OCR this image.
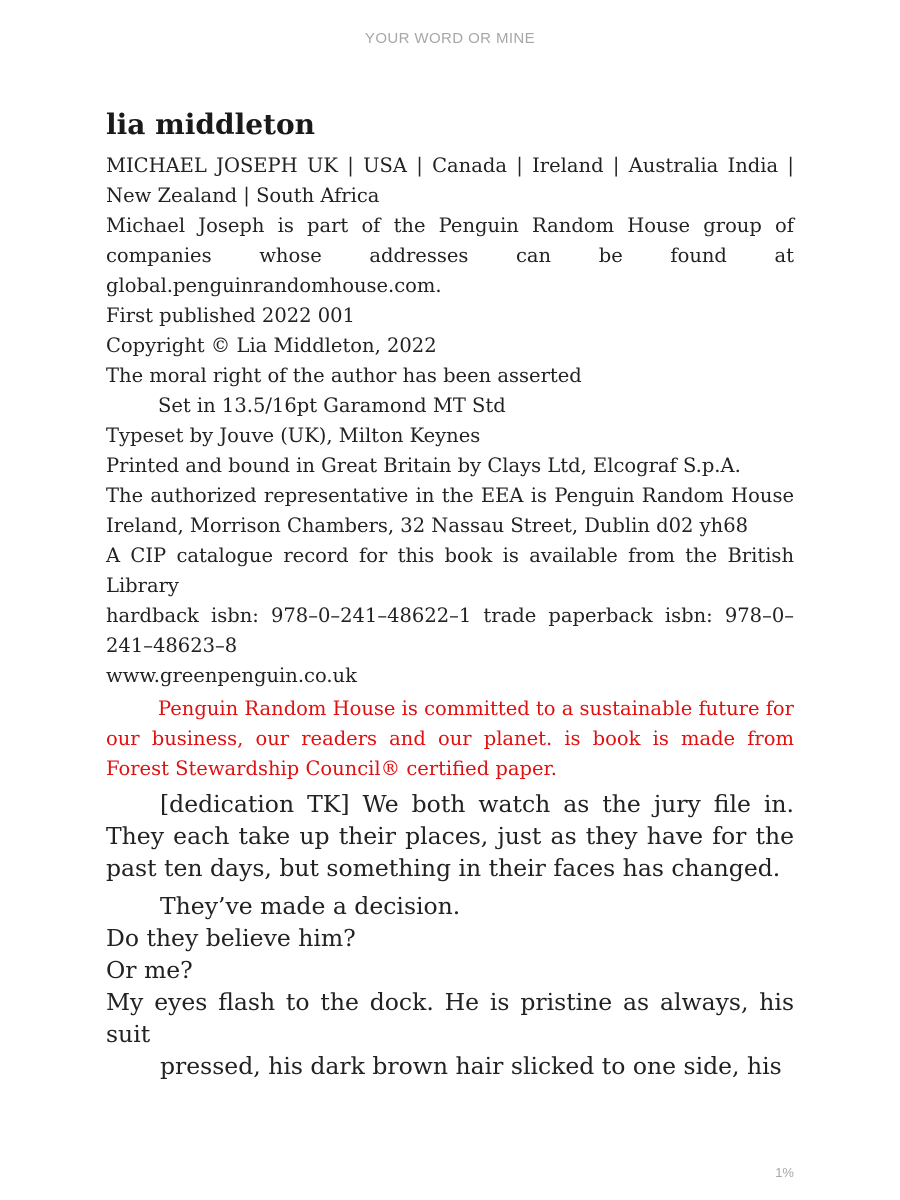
YOUR WORD OR MINE
lia middleton

MICHAEL JOSEPH UK | USA | Canada | Ireland | Australia India | New Zealand | South Africa

Michael Joseph is part of the Penguin Random House group of companies whose addresses can be found at global.penguinrandomhouse.com.

First published 2022 001

Copyright © Lia Middleton, 2022

The moral right of the author has been asserted

Set in 13.5/16pt Garamond MT Std

Typeset by Jouve (UK), Milton Keynes

Printed and bound in Great Britain by Clays Ltd, Elcograf S.p.A.

The authorized representative in the EEA is Penguin Random House Ireland, Morrison Chambers, 32 Nassau Street, Dublin d02 yh68

A CIP catalogue record for this book is available from the British Library

hardback isbn: 978–0–241–48622–1 trade paperback isbn: 978–0–241–48623–8

www.greenpenguin.co.uk

Penguin Random House is committed to a sustainable future for our business, our readers and our planet. is book is made from Forest Stewardship Council® certified paper.

[dedication TK] We both watch as the jury file in. They each take up their places, just as they have for the past ten days, but something in their faces has changed.

They’ve made a decision.

Do they believe him?

Or me?

My eyes flash to the dock. He is pristine as always, his suit

pressed, his dark brown hair slicked to one side, his

1%
